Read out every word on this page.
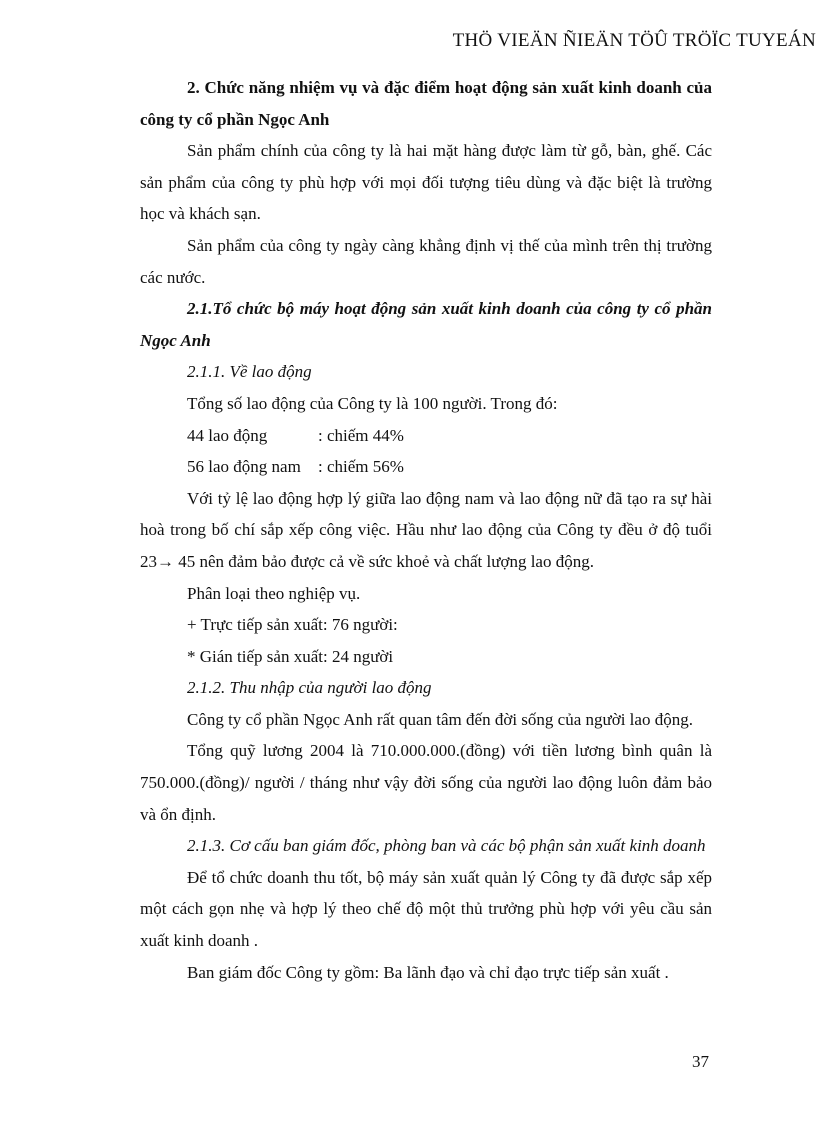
THÖ VIEÄN ÑIEÄN TÖÛ TRÖÏC TUYEÁN

2. Chức năng nhiệm vụ và đặc điểm hoạt động sản xuất kinh doanh của công ty cổ phần Ngọc Anh

Sản phẩm chính của công ty là hai mặt hàng được làm từ gỗ, bàn, ghế. Các sản phẩm của công ty phù hợp với mọi đối tượng tiêu dùng và đặc biệt là trường học và khách sạn.

Sản phẩm của công ty ngày càng khẳng định vị thế của mình trên thị trường các nước.

2.1.Tổ chức bộ máy hoạt động sản xuất kinh doanh của công ty cổ phần Ngọc Anh

2.1.1. Về lao động

Tổng số lao động của Công ty là 100 người. Trong đó:

44 lao động	: chiếm 44%
56 lao động nam	: chiếm 56%

Với tỷ lệ lao động hợp lý giữa lao động nam và lao động nữ đã tạo ra sự hài hoà trong bố chí sắp xếp công việc. Hầu như lao động của Công ty đều ở độ tuổi 23→ 45 nên đảm bảo được cả về sức khoẻ và chất lượng lao động.

Phân loại theo nghiệp vụ.

+ Trực tiếp sản xuất: 76 người:

* Gián tiếp sản xuất: 24 người

2.1.2. Thu nhập của người lao động

Công ty cổ phần Ngọc Anh rất quan tâm đến đời sống của người lao động.

Tổng quỹ lương 2004 là 710.000.000.(đồng) với tiền lương bình quân là 750.000.(đồng)/ người / tháng như vậy đời sống của người lao động luôn đảm bảo và ổn định.

2.1.3. Cơ cấu ban giám đốc, phòng ban và các bộ phận sản xuất kinh doanh

Để tổ chức doanh thu tốt, bộ máy sản xuất quản lý Công ty đã được sắp xếp một cách gọn nhẹ và hợp lý theo chế độ một thủ trưởng phù hợp với yêu cầu sản xuất kinh doanh .

Ban giám đốc Công ty gồm: Ba lãnh đạo và chỉ đạo trực tiếp sản xuất .

37
